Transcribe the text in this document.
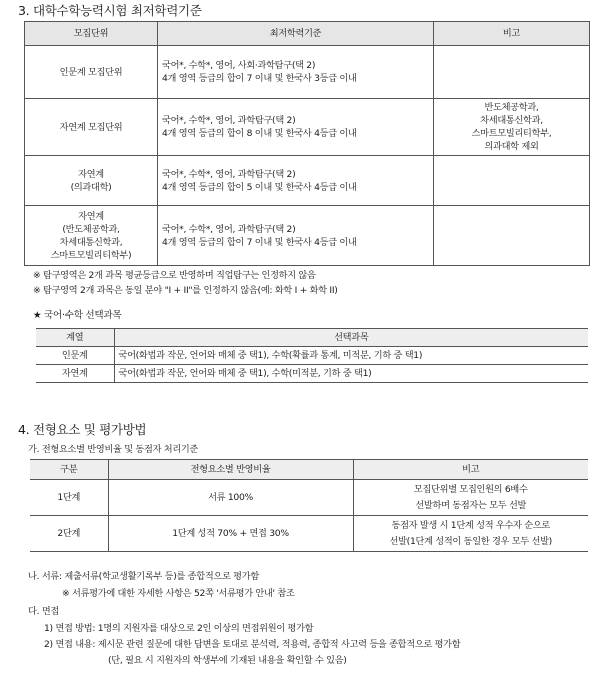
3. 대학수학능력시험 최저학력기준
모집단위	최저학력기준	비고

인문계 모집단위	국어*, 수학*, 영어, 사회·과학탐구(택 2)
4개 영역 등급의 합이 7 이내 및 한국사 3등급 이내	

자연계 모집단위	국어*, 수학*, 영어, 과학탐구(택 2)
4개 영역 등급의 합이 8 이내 및 한국사 4등급 이내	반도체공학과,
차세대통신학과,
스마트모빌리티학부,
의과대학 제외

자연계
(의과대학)	국어*, 수학*, 영어, 과학탐구(택 2)
4개 영역 등급의 합이 5 이내 및 한국사 4등급 이내	

자연계
(반도체공학과,
차세대통신학과,
스마트모빌리티학부)	국어*, 수학*, 영어, 과학탐구(택 2)
4개 영역 등급의 합이 7 이내 및 한국사 4등급 이내	

※ 탐구영역은 2개 과목 평균등급으로 반영하며 직업탐구는 인정하지 않음
※ 탐구영역 2개 과목은 동일 분야 "I + II"를 인정하지 않음(예: 화학 I + 화학 II)
★ 국어·수학 선택과목
계열	선택과목
인문계	국어(화법과 작문, 언어와 매체 중 택1), 수학(확률과 통계, 미적분, 기하 중 택1)
자연계	국어(화법과 작문, 언어와 매체 중 택1), 수학(미적분, 기하 중 택1)
4. 전형요소 및 평가방법
가. 전형요소별 반영비율 및 동점자 처리기준
구분	전형요소별 반영비율	비고
1단계	서류 100%	모집단위별 모집인원의 6배수
선발하며 동점자는 모두 선발

2단계	1단계 성적 70% + 면접 30%	동점자 발생 시 1단계 성적 우수자 순으로
선발(1단계 성적이 동일한 경우 모두 선발)
나. 서류: 제출서류(학교생활기록부 등)를 종합적으로 평가함
※ 서류평가에 대한 자세한 사항은 52쪽 '서류평가 안내' 참조
다. 면접
1) 면접 방법: 1명의 지원자를 대상으로 2인 이상의 면접위원이 평가함
2) 면접 내용: 제시문 관련 질문에 대한 답변을 토대로 분석력, 적용력, 종합적 사고력 등을 종합적으로 평가함
(단, 필요 시 지원자의 학생부에 기재된 내용을 확인할 수 있음)
